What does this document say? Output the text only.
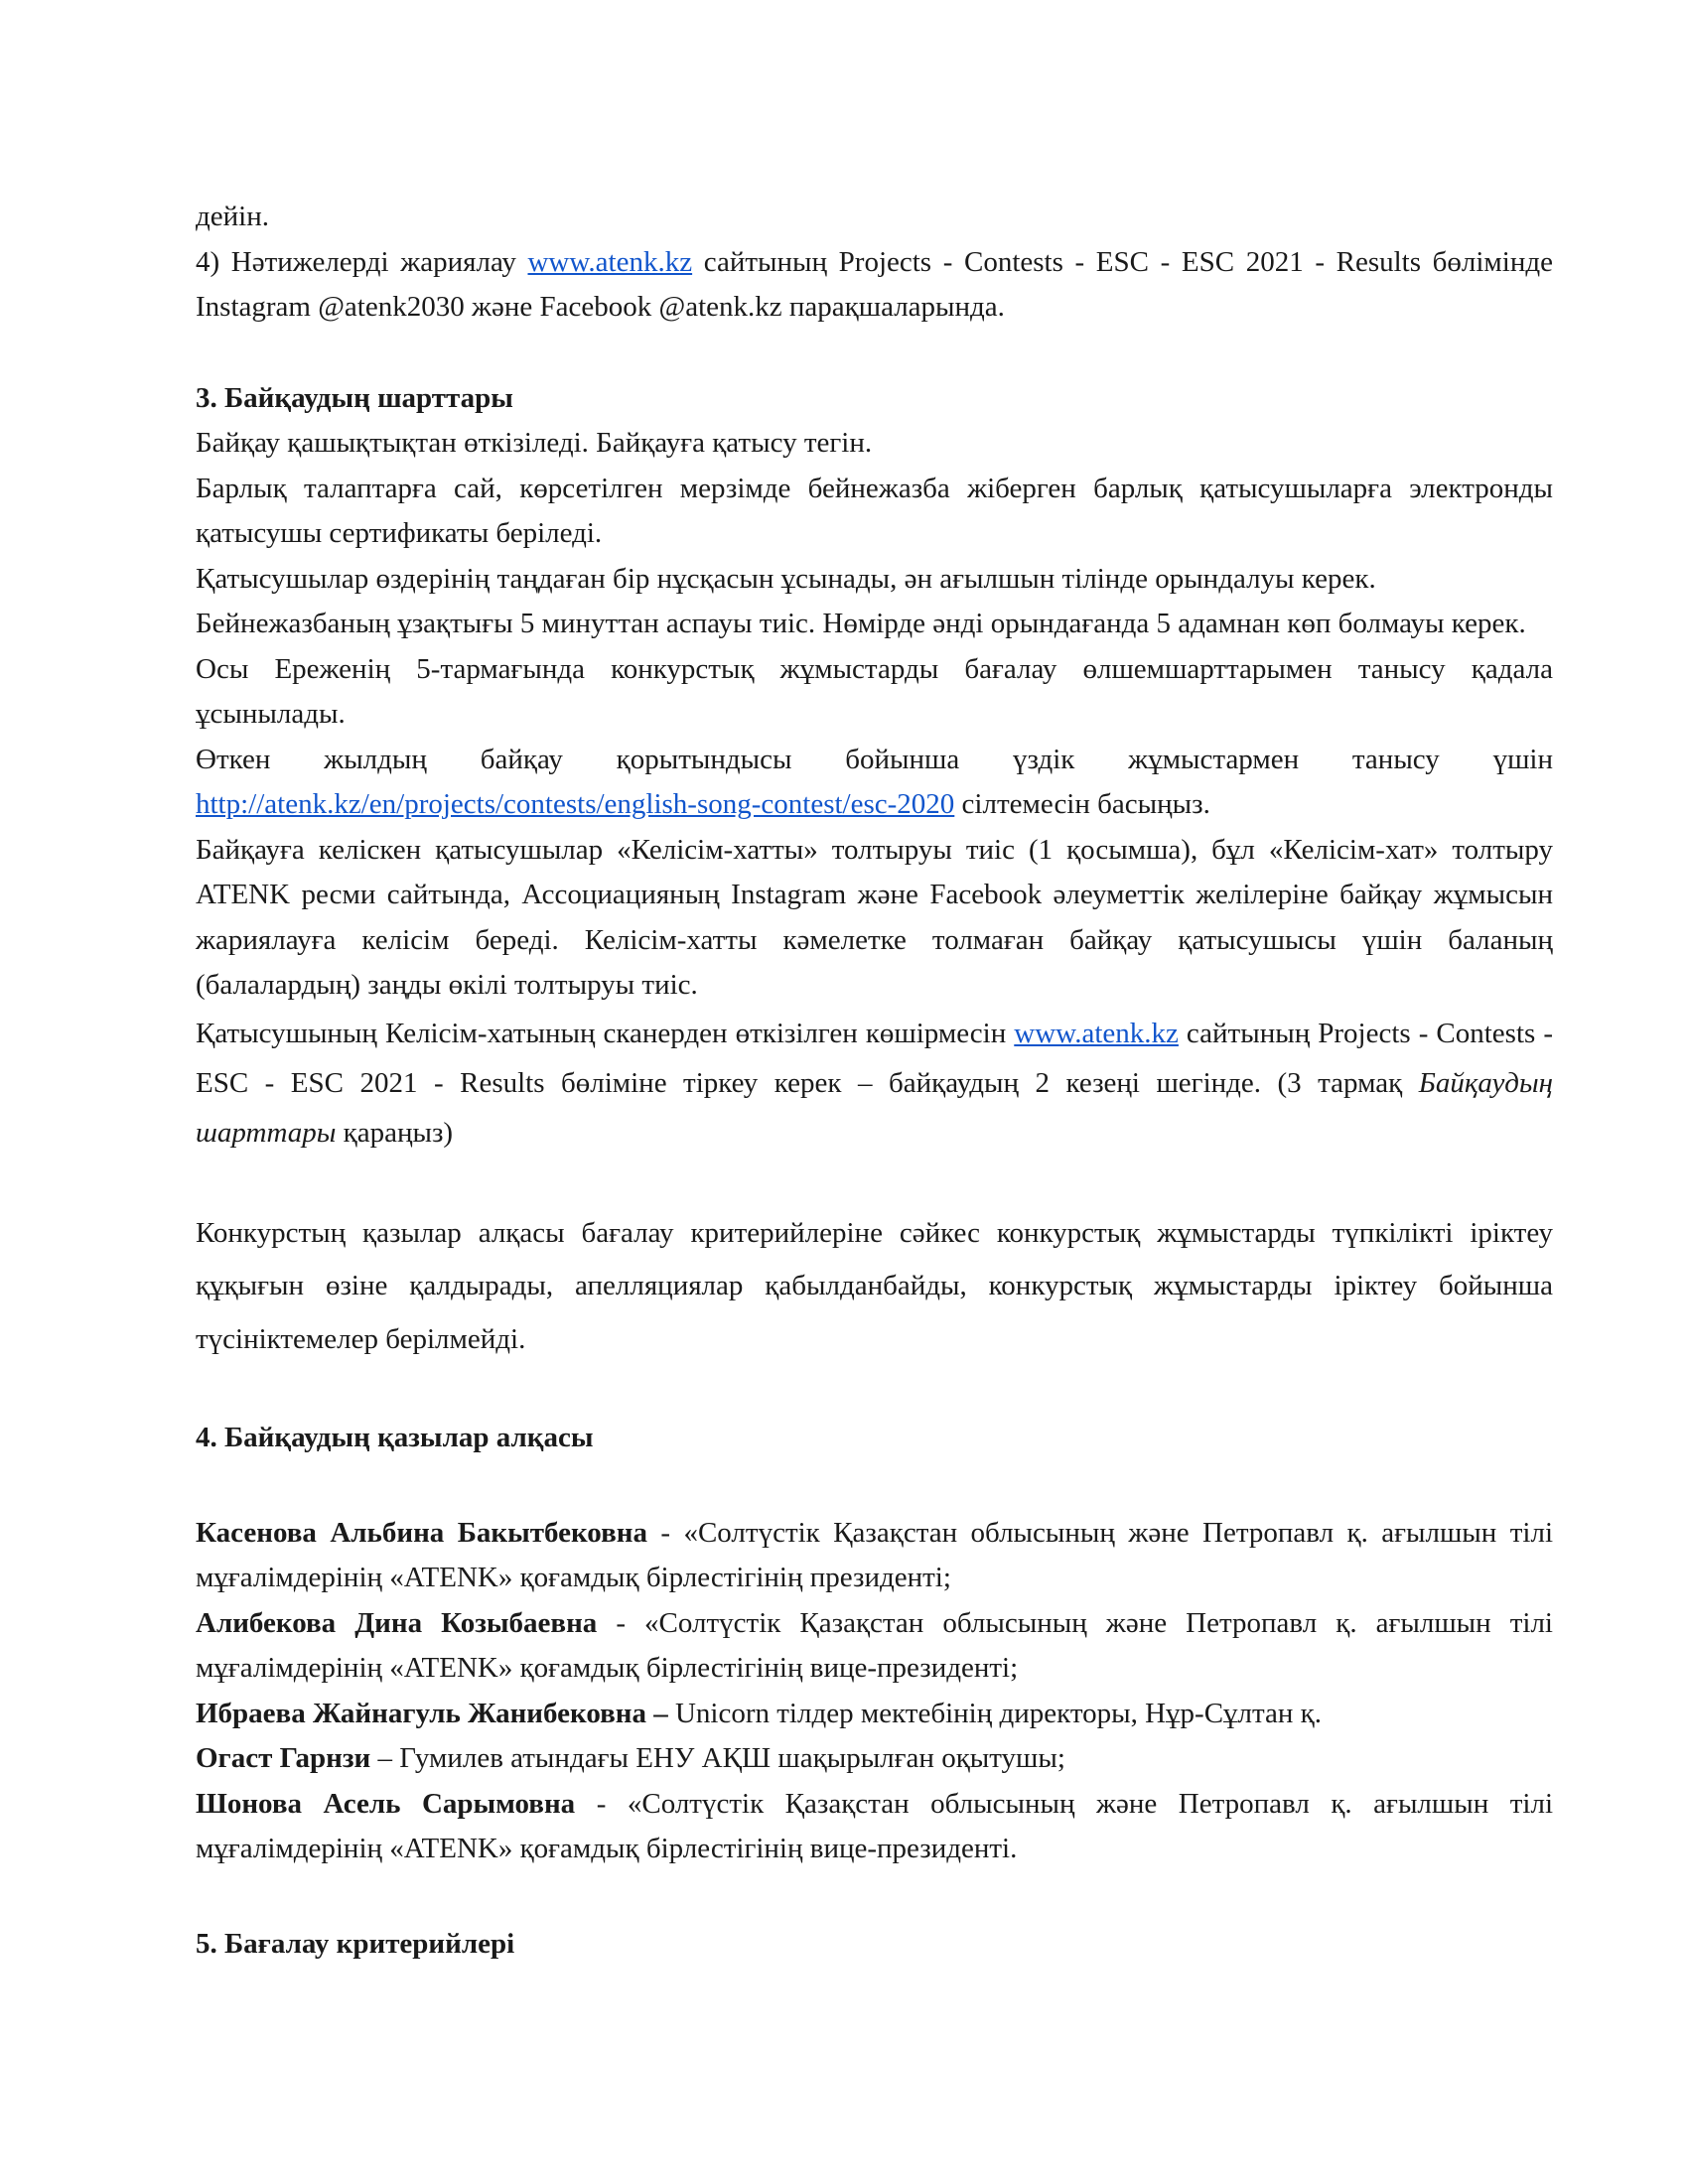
дейін.

4) Нәтижелерді жариялау www.atenk.kz сайтының Projects - Contests - ESC - ESC 2021 - Results бөлімінде Instagram @atenk2030 және Facebook @atenk.kz парақшаларында.

3. Байқаудың шарттары

Байқау қашықтықтан өткізіледі. Байқауға қатысу тегін.

Барлық талаптарға сай, көрсетілген мерзімде бейнежазба жіберген барлық қатысушыларға электронды қатысушы сертификаты беріледі.

Қатысушылар өздерінің таңдаған бір нұсқасын ұсынады, ән ағылшын тілінде орындалуы керек.

Бейнежазбаның ұзақтығы 5 минуттан аспауы тиіс. Нөмірде әнді орындағанда 5 адамнан көп болмауы керек.

Осы Ереженің 5-тармағында конкурстық жұмыстарды бағалау өлшемшарттарымен танысу қадала ұсынылады.

Өткен жылдың байқау қорытындысы бойынша үздік жұмыстармен танысу үшін

http://atenk.kz/en/projects/contests/english-song-contest/esc-2020 сілтемесін басыңыз.

Байқауға келіскен қатысушылар «Келісім-хатты» толтыруы тиіс (1 қосымша), бұл «Келісім-хат» толтыру ATENK ресми сайтында, Ассоциацияның Instagram және Facebook әлеуметтік желілеріне байқау жұмысын жариялауға келісім береді. Келісім-хатты кәмелетке толмаған байқау қатысушысы үшін баланың (балалардың) заңды өкілі толтыруы тиіс.

Қатысушының Келісім-хатының сканерден өткізілген көшірмесін www.atenk.kz сайтының Projects - Contests - ESC - ESC 2021 - Results бөліміне тіркеу керек – байқаудың 2 кезеңі шегінде. (3 тармақ Байқаудың шарттары қараңыз)

Конкурстың қазылар алқасы бағалау критерийлеріне сәйкес конкурстық жұмыстарды түпкілікті іріктеу құқығын өзіне қалдырады, апелляциялар қабылданбайды, конкурстық жұмыстарды іріктеу бойынша түсініктемелер берілмейді.

4. Байқаудың қазылар алқасы

Касенова Альбина Бакытбековна - «Солтүстік Қазақстан облысының және Петропавл қ. ағылшын тілі мұғалімдерінің «ATENK» қоғамдық бірлестігінің президенті;

Алибекова Дина Козыбаевна - «Солтүстік Қазақстан облысының және Петропавл қ. ағылшын тілі мұғалімдерінің «ATENK» қоғамдық бірлестігінің вице-президенті;

Ибраева Жайнагуль Жанибековна – Unicorn тілдер мектебінің директоры, Нұр-Сұлтан қ.

Огаст Гарнзи – Гумилев атындағы ЕНУ АҚШ шақырылған оқытушы;

Шонова Асель Сарымовна - «Солтүстік Қазақстан облысының және Петропавл қ. ағылшын тілі мұғалімдерінің «ATENK» қоғамдық бірлестігінің вице-президенті.

5. Бағалау критерийлері
